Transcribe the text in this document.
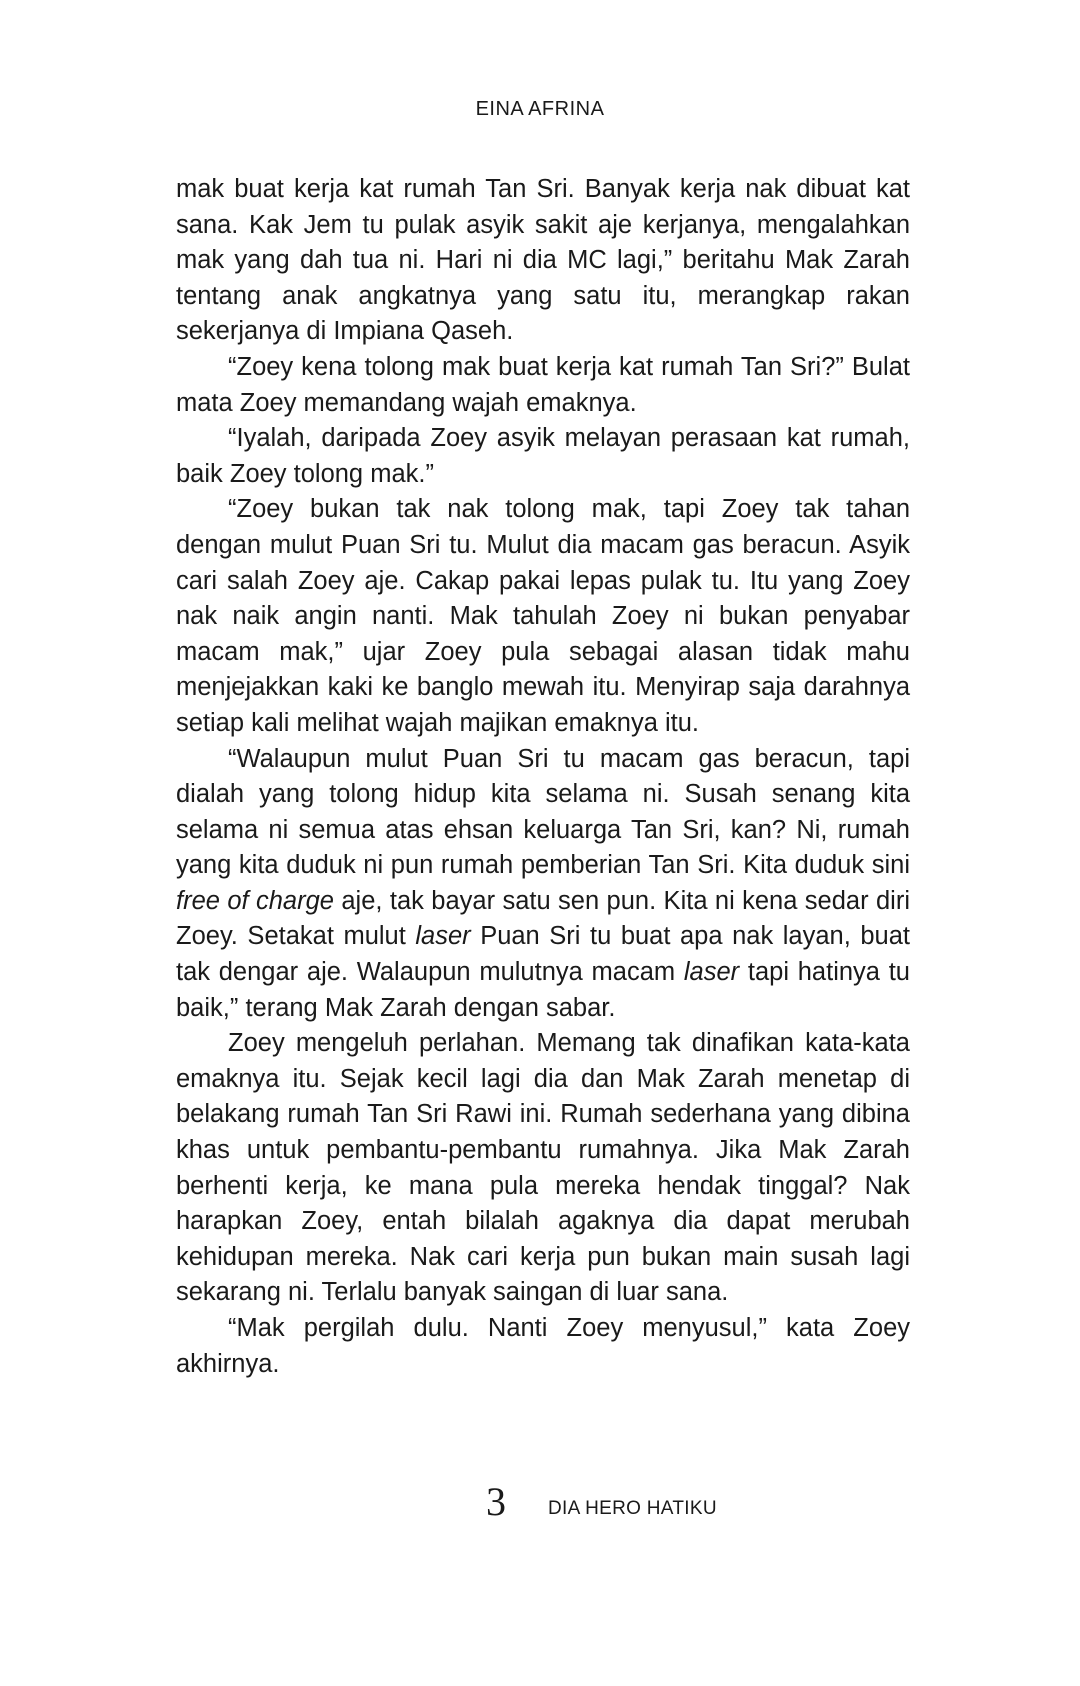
EINA AFRINA

mak buat kerja kat rumah Tan Sri. Banyak kerja nak dibuat kat sana. Kak Jem tu pulak asyik sakit aje kerjanya, mengalahkan mak yang dah tua ni. Hari ni dia MC lagi,” beritahu Mak Zarah tentang anak angkatnya yang satu itu, merangkap rakan sekerjanya di Impiana Qaseh.

“Zoey kena tolong mak buat kerja kat rumah Tan Sri?” Bulat mata Zoey memandang wajah emaknya.

“Iyalah, daripada Zoey asyik melayan perasaan kat rumah, baik Zoey tolong mak.”

“Zoey bukan tak nak tolong mak, tapi Zoey tak tahan dengan mulut Puan Sri tu. Mulut dia macam gas beracun. Asyik cari salah Zoey aje. Cakap pakai lepas pulak tu. Itu yang Zoey nak naik angin nanti. Mak tahulah Zoey ni bukan penyabar macam mak,” ujar Zoey pula sebagai alasan tidak mahu menjejakkan kaki ke banglo mewah itu. Menyirap saja darahnya setiap kali melihat wajah majikan emaknya itu.

“Walaupun mulut Puan Sri tu macam gas beracun, tapi dialah yang tolong hidup kita selama ni. Susah senang kita selama ni semua atas ehsan keluarga Tan Sri, kan? Ni, rumah yang kita duduk ni pun rumah pemberian Tan Sri. Kita duduk sini free of charge aje, tak bayar satu sen pun. Kita ni kena sedar diri Zoey. Setakat mulut laser Puan Sri tu buat apa nak layan, buat tak dengar aje. Walaupun mulutnya macam laser tapi hatinya tu baik,” terang Mak Zarah dengan sabar.

Zoey mengeluh perlahan. Memang tak dinafikan kata-kata emaknya itu. Sejak kecil lagi dia dan Mak Zarah menetap di belakang rumah Tan Sri Rawi ini. Rumah sederhana yang dibina khas untuk pembantu-pembantu rumahnya. Jika Mak Zarah berhenti kerja, ke mana pula mereka hendak tinggal? Nak harapkan Zoey, entah bilalah agaknya dia dapat merubah kehidupan mereka. Nak cari kerja pun bukan main susah lagi sekarang ni. Terlalu banyak saingan di luar sana.

“Mak pergilah dulu. Nanti Zoey menyusul,” kata Zoey akhirnya.

3 DIA HERO HATIKU
